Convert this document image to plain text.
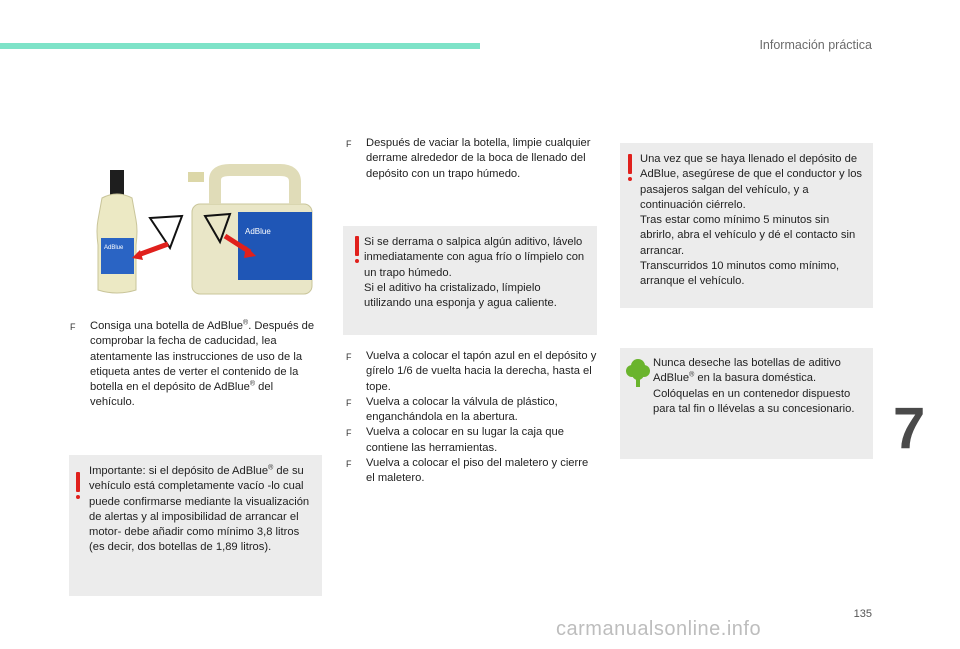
Información práctica
AdBlue
AdBlue
F	Consiga una botella de AdBlue®. Después de comprobar la fecha de caducidad, lea atentamente las instrucciones de uso de la etiqueta antes de verter el contenido de la botella en el depósito de AdBlue® del vehículo.

Importante: si el depósito de AdBlue® de su vehículo está completamente vacío -lo cual puede confirmarse mediante la visualización de alertas y al imposibilidad de arrancar el motor- debe añadir como mínimo 3,8 litros (es decir, dos botellas de 1,89 litros).

F	Después de vaciar la botella, limpie cualquier derrame alrededor de la boca de llenado del depósito con un trapo húmedo.

Si se derrama o salpica algún aditivo, lávelo inmediatamente con agua frío o límpielo con un trapo húmedo.

Si el aditivo ha cristalizado, límpielo utilizando una esponja y agua caliente.

F	Vuelva a colocar el tapón azul en el depósito y gírelo 1/6 de vuelta hacia la derecha, hasta el tope.
F	Vuelva a colocar la válvula de plástico, enganchándola en la abertura.
F	Vuelva a colocar en su lugar la caja que contiene las herramientas.
F	Vuelva a colocar el piso del maletero y cierre el maletero.

Una vez que se haya llenado el depósito de AdBlue, asegúrese de que el conductor y los pasajeros salgan del vehículo, y a continuación ciérrelo.

Tras estar como mínimo 5 minutos sin abrirlo, abra el vehículo y dé el contacto sin arrancar.

Transcurridos 10 minutos como mínimo, arranque el vehículo.

Nunca deseche las botellas de aditivo AdBlue® en la basura doméstica. Colóquelas en un contenedor dispuesto para tal fin o llévelas a su concesionario. 7
135
carmanualsonline.info
